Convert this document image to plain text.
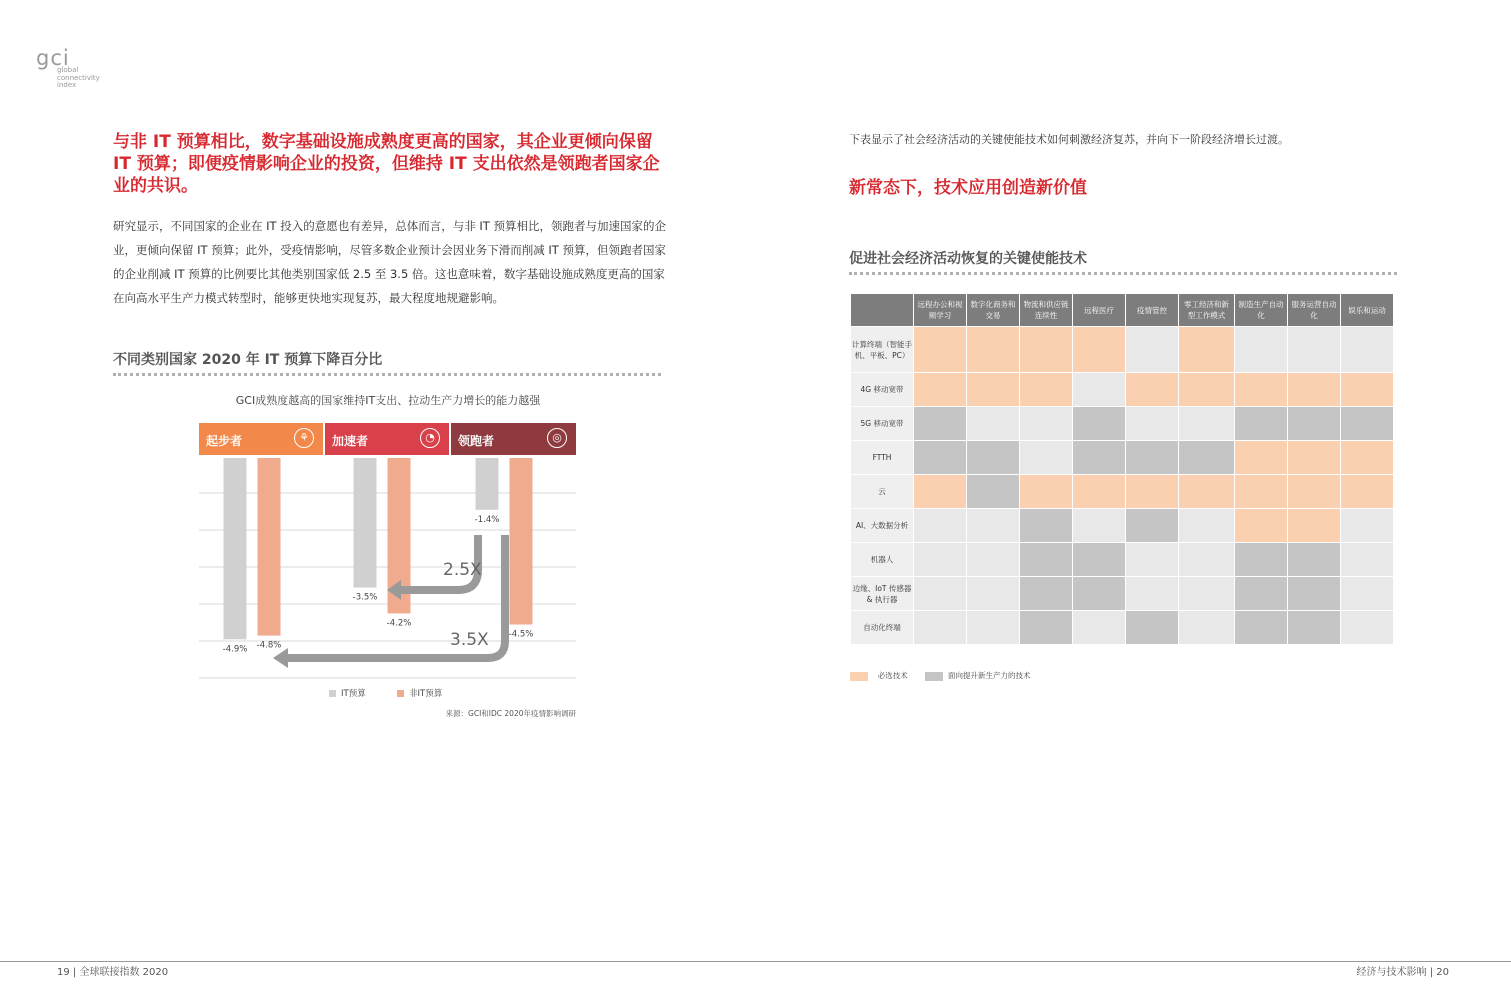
gci
global
connectivity
index
与非 IT 预算相比，数字基础设施成熟度更高的国家，其企业更倾向保留 IT 预算；即便疫情影响企业的投资，但维持 IT 支出依然是领跑者国家企业的共识。
研究显示，不同国家的企业在 IT 投入的意愿也有差异，总体而言，与非 IT 预算相比，领跑者与加速国家的企业，更倾向保留 IT 预算；此外，受疫情影响，尽管多数企业预计会因业务下滑而削减 IT 预算，但领跑者国家的企业削减 IT 预算的比例要比其他类别国家低 2.5 至 3.5 倍。这也意味着，数字基础设施成熟度更高的国家在向高水平生产力模式转型时，能够更快地实现复苏，最大程度地规避影响。
不同类别国家 2020 年 IT 预算下降百分比
GCI成熟度越高的国家维持IT支出、拉动生产力增长的能力越强
起步者	⚘	加速者	◔	领跑者	◎
-4.9%
-3.5%
-1.4%
-4.8%
-4.2%
-4.5%
2.5X
3.5X
IT预算	非IT预算
来源：GCI和IDC 2020年疫情影响调研
下表显示了社会经济活动的关键使能技术如何刺激经济复苏，并向下一阶段经济增长过渡。
新常态下，技术应用创造新价值
促进社会经济活动恢复的关键使能技术
	远程办公和视频学习	数字化商务和交易	物流和供应链连续性	远程医疗	疫情管控	零工经济和新型工作模式	制造生产自动化	服务运营自动化	娱乐和运动
计算终端（智能手机、平板、PC）									
4G 移动宽带									
5G 移动宽带									
FTTH									
云									
AI、大数据分析									
机器人									
边缘、IoT 传感器 & 执行器									
自动化终端									
必选技术	面向提升新生产力的技术
19 | 全球联接指数 2020	经济与技术影响 | 20
